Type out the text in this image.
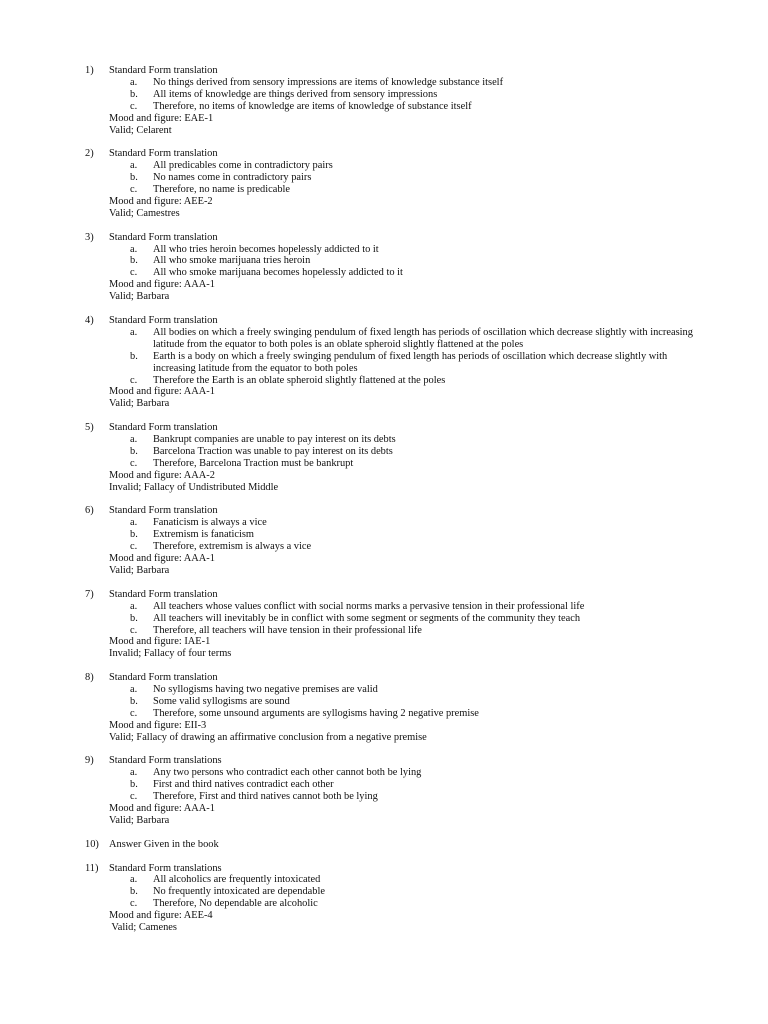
1) Standard Form translation
a. No things derived from sensory impressions are items of knowledge substance itself
b. All items of knowledge are things derived from sensory impressions
c. Therefore, no items of knowledge are items of knowledge of substance itself
Mood and figure: EAE-1
Valid; Celarent
2) Standard Form translation
a. All predicables come in contradictory pairs
b. No names come in contradictory pairs
c. Therefore, no name is predicable
Mood and figure: AEE-2
Valid; Camestres
3) Standard Form translation
a. All who tries heroin becomes hopelessly addicted to it
b. All who smoke marijuana tries heroin
c. All who smoke marijuana becomes hopelessly addicted to it
Mood and figure: AAA-1
Valid; Barbara
4) Standard Form translation
a. All bodies on which a freely swinging pendulum of fixed length has periods of oscillation which decrease slightly with increasing latitude from the equator to both poles is an oblate spheroid slightly flattened at the poles
b. Earth is a body on which a freely swinging pendulum of fixed length has periods of oscillation which decrease slightly with increasing latitude from the equator to both poles
c. Therefore the Earth is an oblate spheroid slightly flattened at the poles
Mood and figure: AAA-1
Valid; Barbara
5) Standard Form translation
a. Bankrupt companies are unable to pay interest on its debts
b. Barcelona Traction was unable to pay interest on its debts
c. Therefore, Barcelona Traction must be bankrupt
Mood and figure: AAA-2
Invalid; Fallacy of Undistributed Middle
6) Standard Form translation
a. Fanaticism is always a vice
b. Extremism is fanaticism
c. Therefore, extremism is always a vice
Mood and figure: AAA-1
Valid; Barbara
7) Standard Form translation
a. All teachers whose values conflict with social norms marks a pervasive tension in their professional life
b. All teachers will inevitably be in conflict with some segment or segments of the community they teach
c. Therefore, all teachers will have tension in their professional life
Mood and figure: IAE-1
Invalid; Fallacy of four terms
8) Standard Form translation
a. No syllogisms having two negative premises are valid
b. Some valid syllogisms are sound
c. Therefore, some unsound arguments are syllogisms having 2 negative premise
Mood and figure: EII-3
Valid; Fallacy of drawing an affirmative conclusion from a negative premise
9) Standard Form translations
a. Any two persons who contradict each other cannot both be lying
b. First and third natives contradict each other
c. Therefore, First and third natives cannot both be lying
Mood and figure: AAA-1
Valid; Barbara
10) Answer Given in the book
11) Standard Form translations
a. All alcoholics are frequently intoxicated
b. No frequently intoxicated are dependable
c. Therefore, No dependable are alcoholic
Mood and figure: AEE-4
Valid; Camenes
